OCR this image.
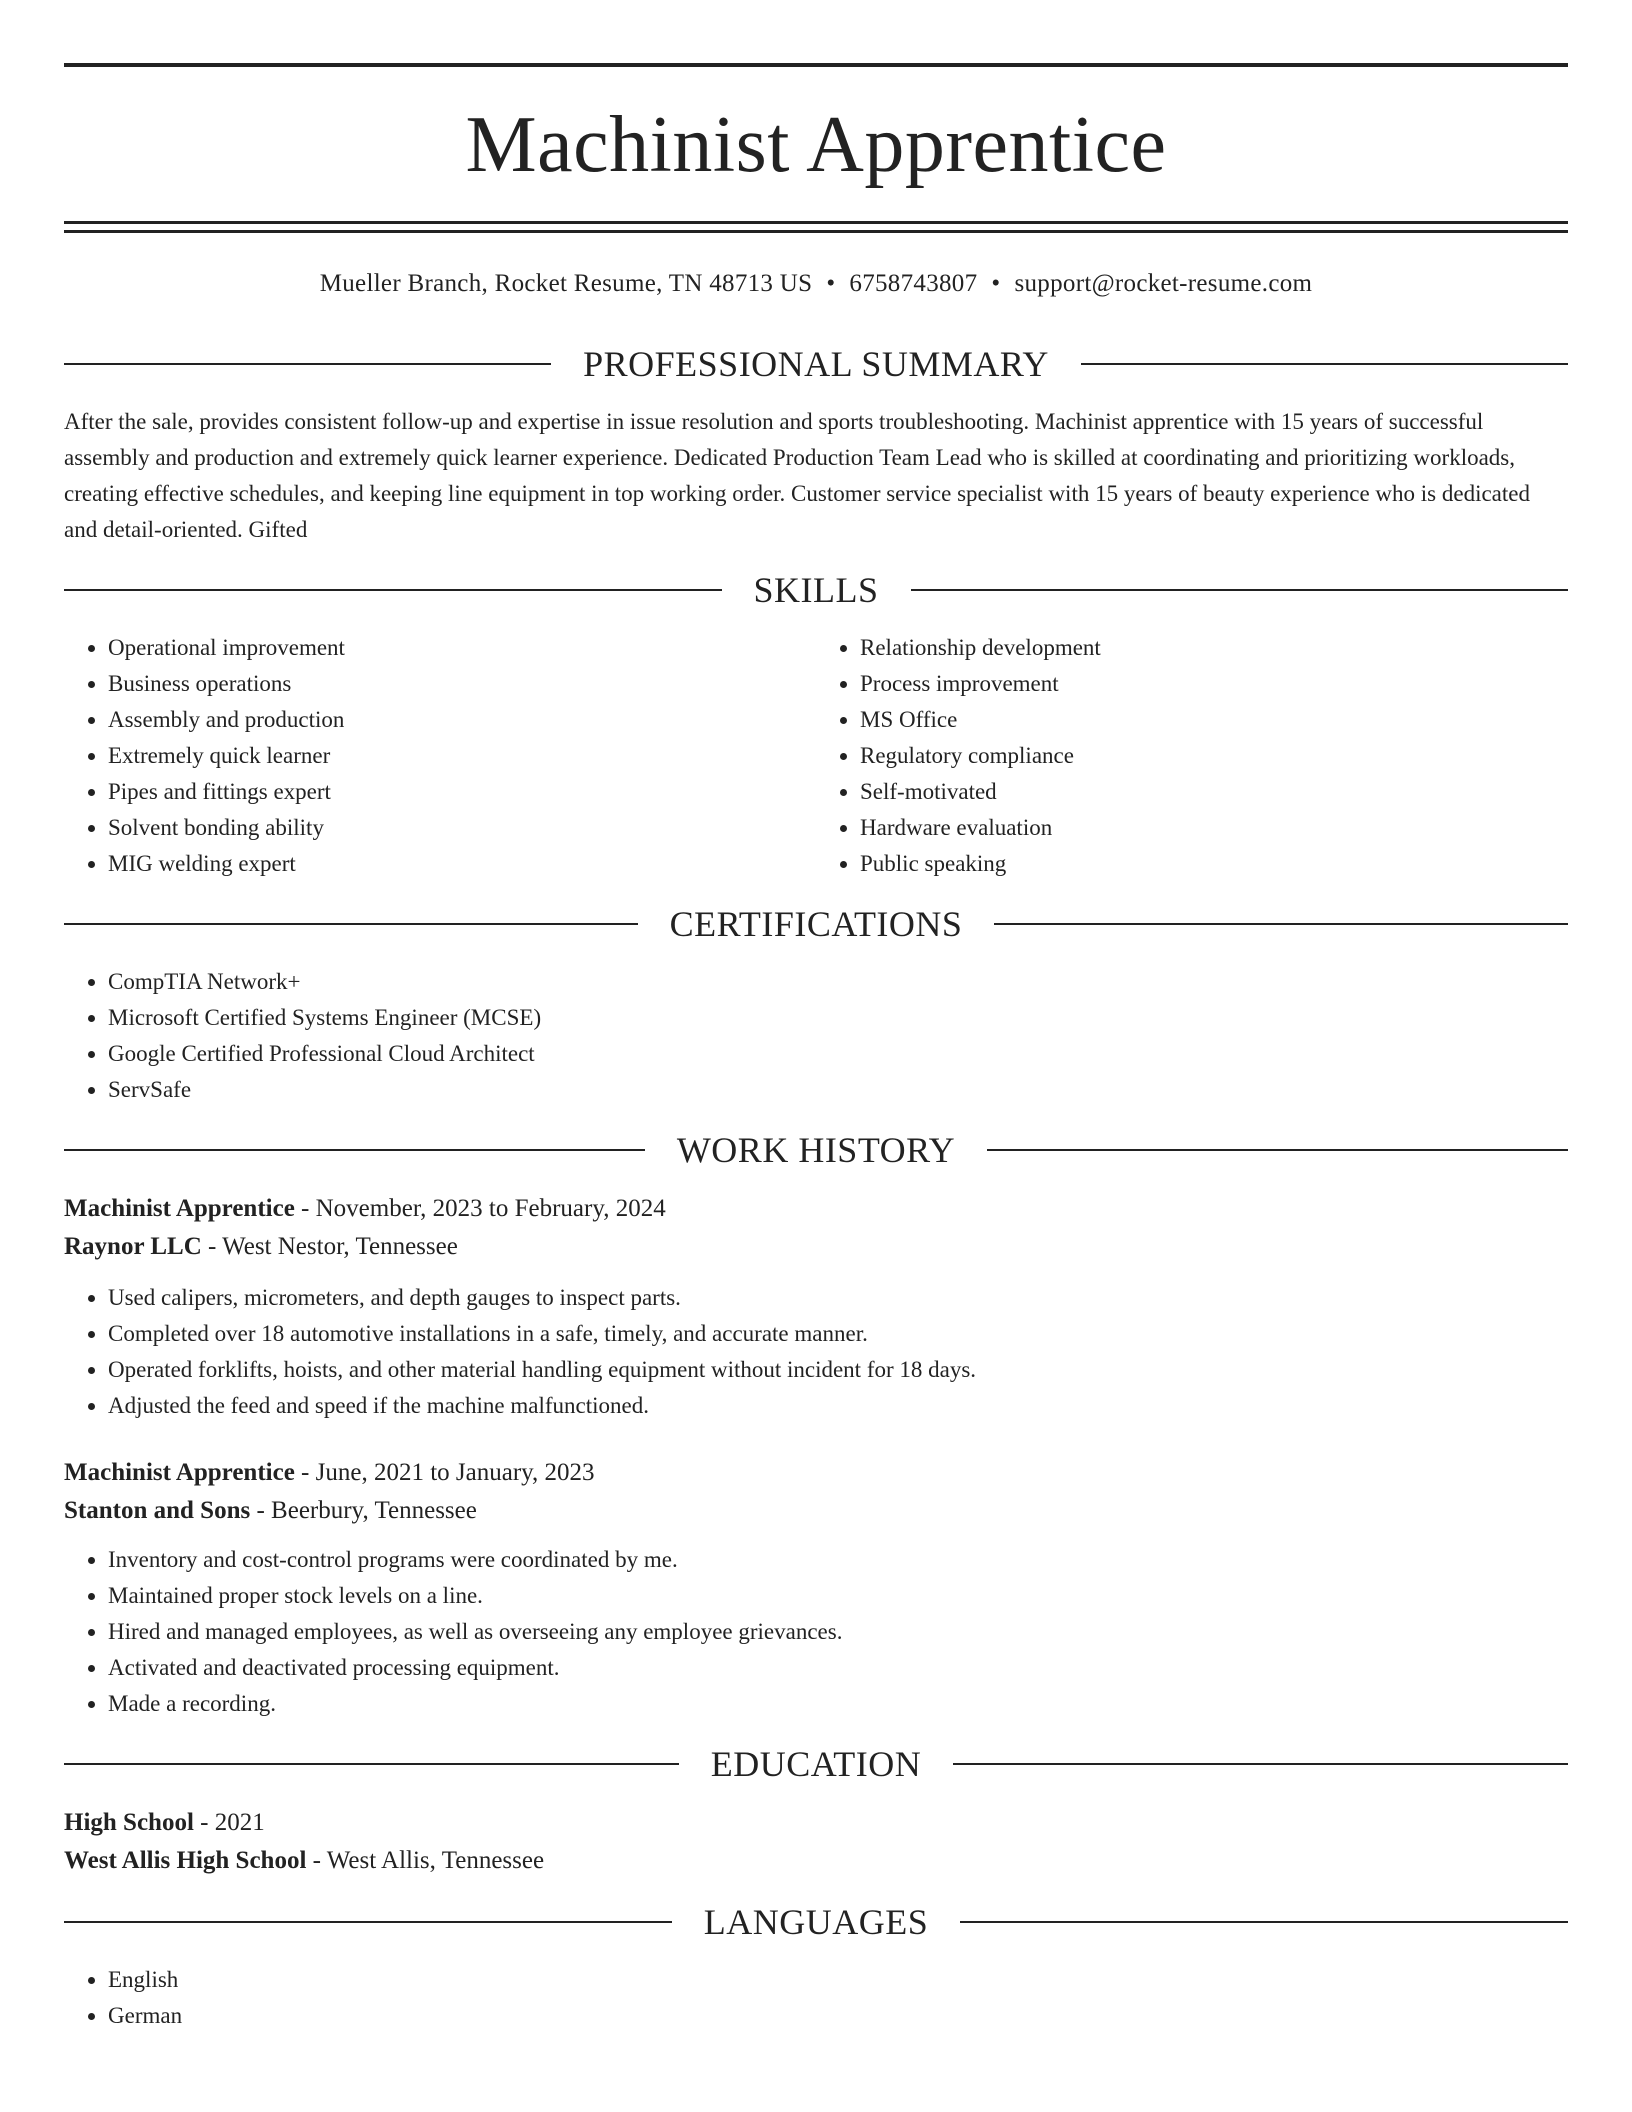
Machinist Apprentice
Mueller Branch, Rocket Resume, TN 48713 US • 6758743807 • support@rocket-resume.com
PROFESSIONAL SUMMARY

After the sale, provides consistent follow-up and expertise in issue resolution and sports troubleshooting. Machinist apprentice with 15 years of successful assembly and production and extremely quick learner experience. Dedicated Production Team Lead who is skilled at coordinating and prioritizing workloads, creating effective schedules, and keeping line equipment in top working order. Customer service specialist with 15 years of beauty experience who is dedicated and detail-oriented. Gifted

SKILLS
• Operational improvement
• Business operations
• Assembly and production
• Extremely quick learner
• Pipes and fittings expert
• Solvent bonding ability
• MIG welding expert
• Relationship development
• Process improvement
• MS Office
• Regulatory compliance
• Self-motivated
• Hardware evaluation
• Public speaking
CERTIFICATIONS
• CompTIA Network+
• Microsoft Certified Systems Engineer (MCSE)
• Google Certified Professional Cloud Architect
• ServSafe
WORK HISTORY
Machinist Apprentice - November, 2023 to February, 2024
Raynor LLC - West Nestor, Tennessee
• Used calipers, micrometers, and depth gauges to inspect parts.
• Completed over 18 automotive installations in a safe, timely, and accurate manner.
• Operated forklifts, hoists, and other material handling equipment without incident for 18 days.
• Adjusted the feed and speed if the machine malfunctioned.
Machinist Apprentice - June, 2021 to January, 2023
Stanton and Sons - Beerbury, Tennessee
• Inventory and cost-control programs were coordinated by me.
• Maintained proper stock levels on a line.
• Hired and managed employees, as well as overseeing any employee grievances.
• Activated and deactivated processing equipment.
• Made a recording.
EDUCATION
High School - 2021
West Allis High School - West Allis, Tennessee
LANGUAGES
• English
• German
